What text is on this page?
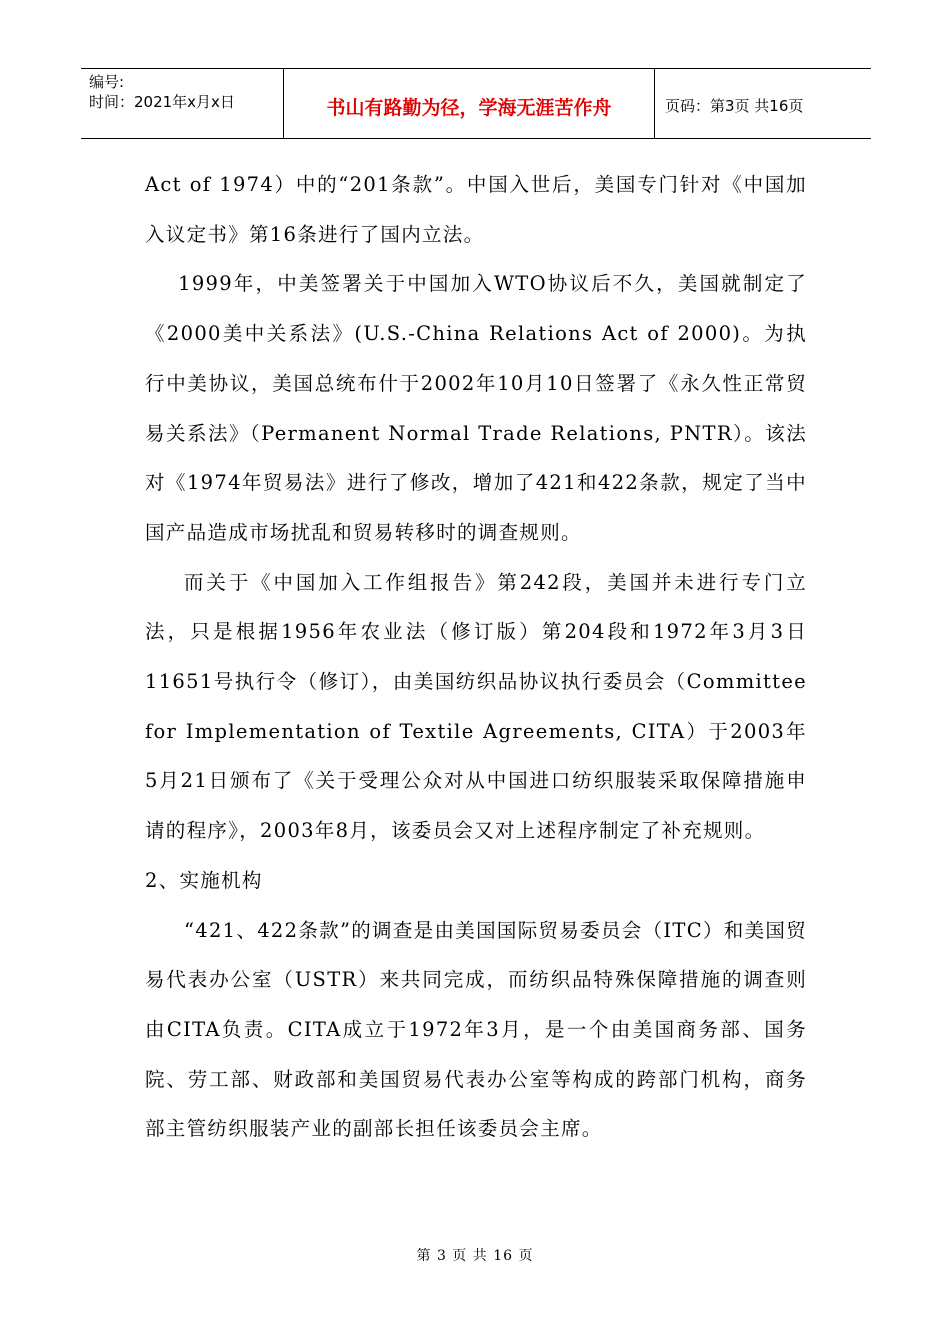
编号:
时间：2021年x月x日	书山有路勤为径，学海无涯苦作舟	页码：第3页 共16页

Act of 1974）中的“201条款”。中国入世后，美国专门针对《中国加入议定书》第16条进行了国内立法。

1999年，中美签署关于中国加入WTO协议后不久，美国就制定了《2000美中关系法》(U.S.-China Relations Act of 2000)。为执行中美协议，美国总统布什于2002年10月10日签署了《永久性正常贸易关系法》（Permanent Normal Trade Relations, PNTR）。该法对《1974年贸易法》进行了修改，增加了421和422条款，规定了当中国产品造成市场扰乱和贸易转移时的调查规则。

而关于《中国加入工作组报告》第242段，美国并未进行专门立法，只是根据1956年农业法（修订版）第204段和1972年3月3日11651号执行令（修订），由美国纺织品协议执行委员会（Committee for Implementation of Textile Agreements, CITA）于2003年5月21日颁布了《关于受理公众对从中国进口纺织服装采取保障措施申请的程序》，2003年8月，该委员会又对上述程序制定了补充规则。

2、实施机构

“421、422条款”的调查是由美国国际贸易委员会（ITC）和美国贸易代表办公室（USTR）来共同完成，而纺织品特殊保障措施的调查则由CITA负责。CITA成立于1972年3月，是一个由美国商务部、国务院、劳工部、财政部和美国贸易代表办公室等构成的跨部门机构，商务部主管纺织服装产业的副部长担任该委员会主席。

第 3 页 共 16 页
